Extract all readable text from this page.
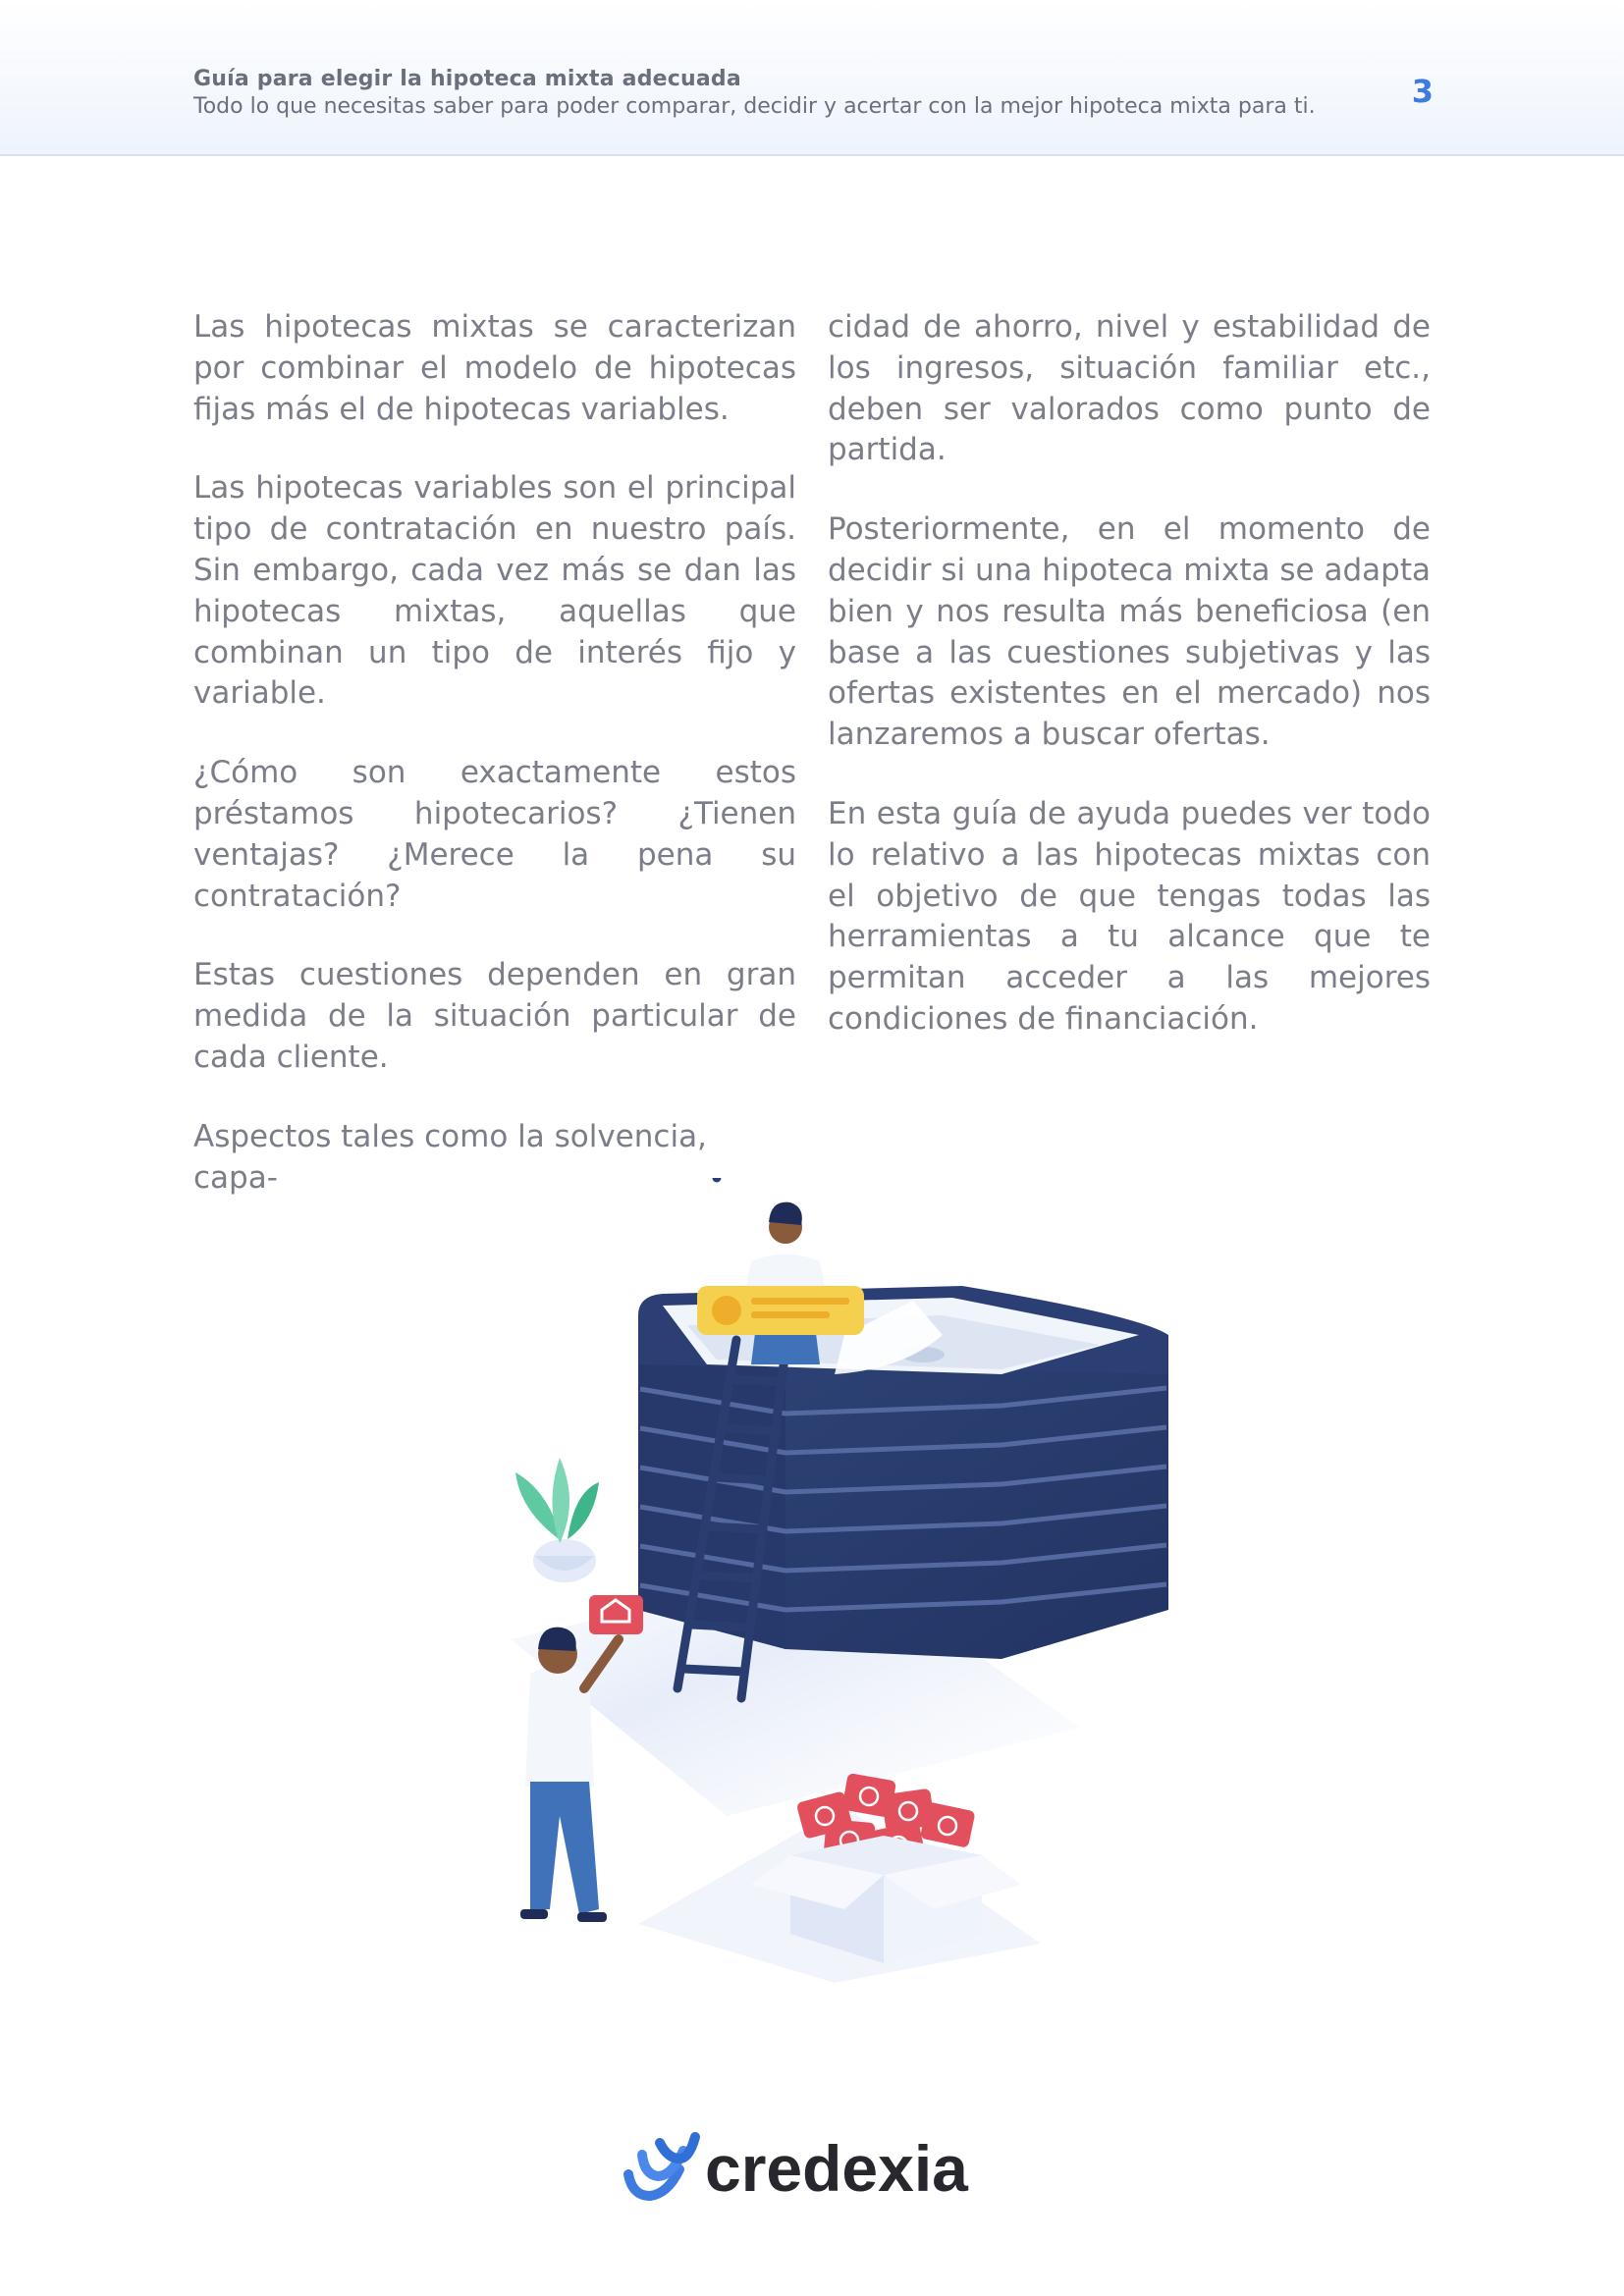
Guía para elegir la hipoteca mixta adecuada
Todo lo que necesitas saber para poder comparar, decidir y acertar con la mejor hipoteca mixta para ti.	3

Las hipotecas mixtas se caracterizan por combinar el modelo de hipotecas fijas más el de hipotecas variables.

Las hipotecas variables son el principal tipo de contratación en nuestro país. Sin embargo, cada vez más se dan las hipotecas mixtas, aquellas que combinan un tipo de interés fijo y variable.

¿Cómo son exactamente estos préstamos hipotecarios? ¿Tienen ventajas? ¿Merece la pena su contratación?

Estas cuestiones dependen en gran medida de la situación particular de cada cliente.

Aspectos tales como la solvencia, capa-

cidad de ahorro, nivel y estabilidad de los ingresos, situación familiar etc., deben ser valorados como punto de partida.

Posteriormente, en el momento de decidir si una hipoteca mixta se adapta bien y nos resulta más beneficiosa (en base a las cuestiones subjetivas y las ofertas existentes en el mercado) nos lanzaremos a buscar ofertas.

En esta guía de ayuda puedes ver todo lo relativo a las hipotecas mixtas con el objetivo de que tengas todas las herramientas a tu alcance que te permitan acceder a las mejores condiciones de financiación.

credexia
